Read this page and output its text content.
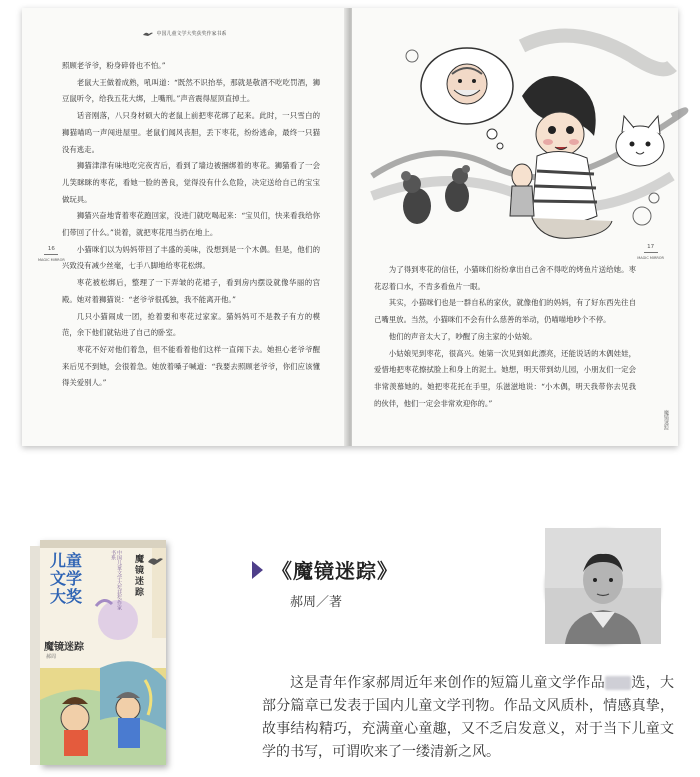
中国儿童文学大奖获奖作家书系

照顾老爷爷，粉身碎骨也不怕。”

老鼠大王做着成熟，吼叫道：“既然不识抬举，那就是敬酒不吃吃罚酒，狮豆鼠听令，给我五花大绑，上嘴刑。”声音震得屋顶直掉土。

话音刚落，八只身材硕大的老鼠上前把枣花绑了起来。此时，一只雪白的狮猫喵呜一声闯进屋里。老鼠们闻风丧胆，丢下枣花，纷纷逃命，最终一只猫没有逃走。

狮猫津津有味地吃完夜宵后，看到了墙边被捆绑着的枣花。狮猫看了一会儿笑眯眯的枣花，看她一脸的善良，觉得没有什么危险，决定送给自己的宝宝做玩具。

狮猫兴奋地背着枣花跑回家，没进门就吃喝起来：“宝贝们，快来看我给你们带回了什么。”说着，就把枣花甩当扔在地上。

小猫咪们以为妈妈带回了丰盛的美味，没想到是一个木偶。但是，他们的兴致没有减少丝毫，七手八脚地给枣花松绑。

枣花被松绑后，整理了一下弄皱的花裙子，看到房内摆设就像华丽的宫殿。她对着狮猫说：“老爷爷很孤独，我不能离开他。”

几只小猫闹成一团，抢着要和枣花过家家。猫妈妈可不是教子有方的模范，余下他们就钻进了自己的卧室。

枣花不好对他们着急，但不能看着他们这样一直闹下去。她担心老爷爷醒来后见不到她，会很着急。她放着嗓子喊道：“我要去照顾老爷爷，你们应该懂得关爱别人。”

16
MAGIC MIRROR

为了得到枣花的信任，小猫咪们纷纷拿出自己舍不得吃的烤鱼片送给她。枣花忍着口水，不肯多看鱼片一眼。

其实，小猫咪们也是一群自私的家伙，就像他们的妈妈，有了好东西先往自己嘴里放。当然，小猫咪们不会有什么慈善的举动，仍喵喵地吵个不停。

他们的声音太大了，吵醒了房主家的小姑娘。

小姑娘见到枣花，很高兴。她第一次见到如此漂亮，还能说话的木偶娃娃，爱惜地把枣花擦拭脸上和身上的泥土。她想，明天带到幼儿园，小朋友们一定会非常羡慕她的。她把枣花托在手里，乐滋滋地说：“小木偶，明天我带你去见我的伙伴，他们一定会非常欢迎你的。”

17
MAGIC MIRROR
魔镜迷踪
中国儿童文学大奖获奖作家书系
儿童文学大奖	魔镜迷踪
魔镜迷踪
郝周
《魔镜迷踪》
郝周／著

这是青年作家郝周近年来创作的短篇儿童文学作品 选，大部分篇章已发表于国内儿童文学刊物。作品文风质朴，情感真挚，故事结构精巧，充满童心童趣，又不乏启发意义，对于当下儿童文学的书写，可谓吹来了一缕清新之风。
